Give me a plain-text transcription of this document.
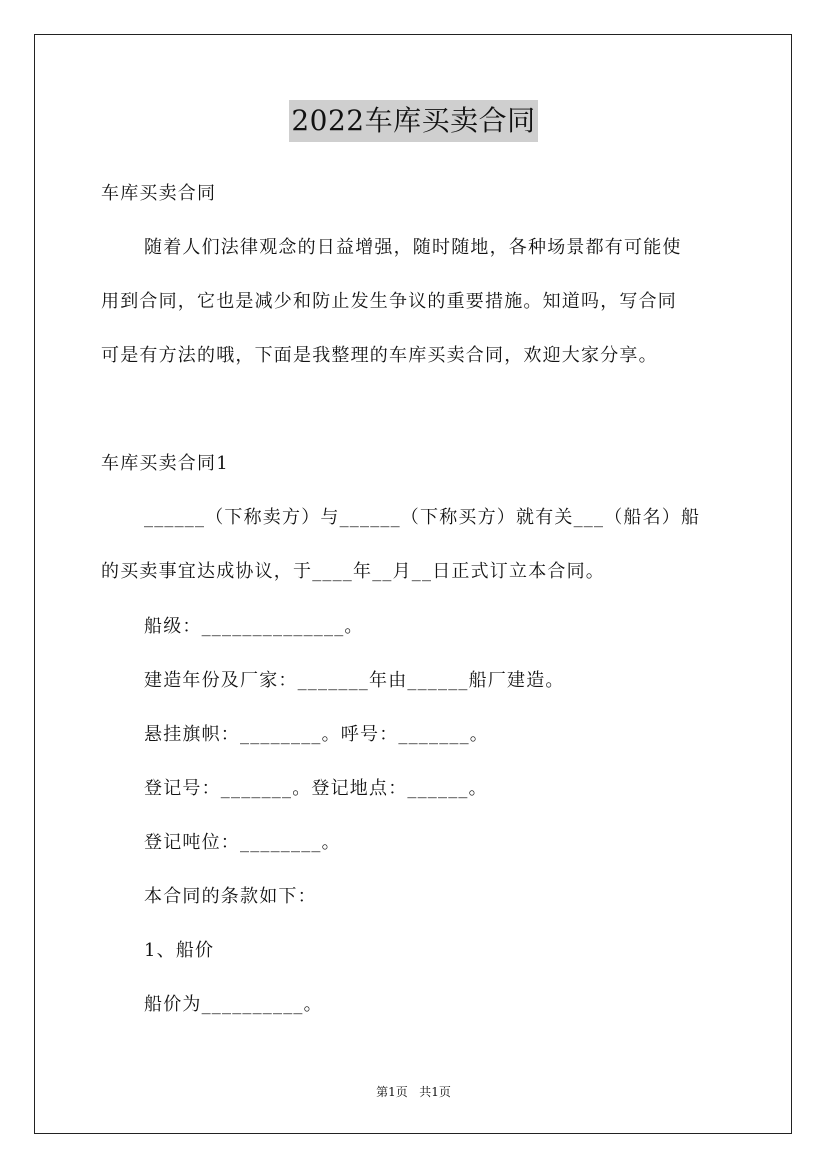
2022车库买卖合同
车库买卖合同
随着人们法律观念的日益增强，随时随地，各种场景都有可能使
用到合同，它也是减少和防止发生争议的重要措施。知道吗，写合同
可是有方法的哦，下面是我整理的车库买卖合同，欢迎大家分享。
车库买卖合同1
______（下称卖方）与______（下称买方）就有关___（船名）船
的买卖事宜达成协议，于____年__月__日正式订立本合同。
船级：______________。
建造年份及厂家：_______年由______船厂建造。
悬挂旗帜：________。呼号：_______。
登记号：_______。登记地点：______。
登记吨位：________。
本合同的条款如下：
1、船价
船价为__________。
第1页   共1页
